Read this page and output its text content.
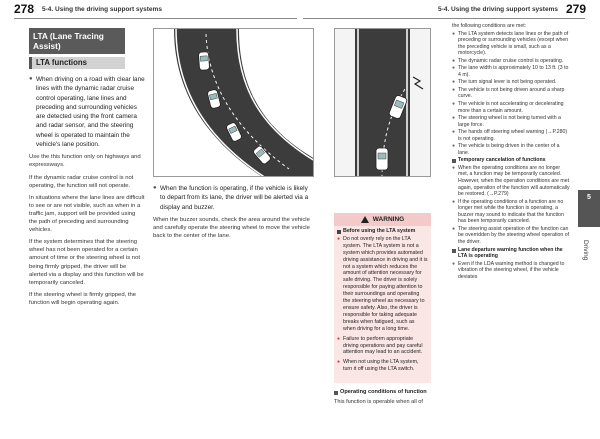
278 5-4. Using the driving support systems	5-4. Using the driving support systems 279
LTA (Lane Tracing Assist)
LTA functions
● When driving on a road with clear lane lines with the dynamic radar cruise control operating, lane lines and preceding and surrounding vehicles are detected using the front camera and radar sensor, and the steering wheel is operated to maintain the vehicle's lane position.
Use the this function only on highways and expressways.
If the dynamic radar cruise control is not operating, the function will not operate.
In situations where the lane lines are difficult to see or are not visible, such as when in a traffic jam, support will be provided using the path of preceding and surrounding vehicles.
If the system determines that the steering wheel has not been operated for a certain amount of time or the steering wheel is not being firmly gripped, the driver will be alerted via a display and this function will be temporarily canceled.
If the steering wheel is firmly gripped, the function will begin operating again.
● When the function is operating, if the vehicle is likely to depart from its lane, the driver will be alerted via a display and buzzer.
When the buzzer sounds, check the area around the vehicle and carefully operate the steering wheel to move the vehicle back to the center of the lane.
WARNING
Before using the LTA system
● Do not overly rely on the LTA system. The LTA system is not a system which provides automated driving assistance in driving and it is not a system which reduces the amount of attention necessary for safe driving. The driver is solely responsible for paying attention to their surroundings and operating the steering wheel as necessary to ensure safety. Also, the driver is responsible for taking adequate breaks when fatigued, such as when driving for a long time.
● Failure to perform appropriate driving operations and pay careful attention may lead to an accident.
● When not using the LTA system, turn it off using the LTA switch.
Operating conditions of function
This function is operable when all of
the following conditions are met:
● The LTA system detects lane lines or the path of preceding or surrounding vehicles (except when the preceding vehicle is small, such as a motorcycle).
● The dynamic radar cruise control is operating.
● The lane width is approximately 10 to 13 ft. (3 to 4 m).
● The turn signal lever is not being operated.
● The vehicle is not being driven around a sharp curve.
● The vehicle is not accelerating or decelerating more than a certain amount.
● The steering wheel is not being turned with a large force.
● The hands off steering wheel warning (→P.280) is not operating.
● The vehicle is being driven in the center of a lane.
Temporary cancelation of functions
● When the operating conditions are no longer met, a function may be temporarily canceled. However, when the operation conditions are met again, operation of the function will automatically be restored. (→P.279)
● If the operating conditions of a function are no longer met while the function is operating, a buzzer may sound to indicate that the function has been temporarily canceled.
● The steering assist operation of the function can be overridden by the steering wheel operation of the driver.
Lane departure warning function when the LTA is operating
● Even if the LDA warning method is changed to vibration of the steering wheel, if the vehicle deviates
5
Driving
